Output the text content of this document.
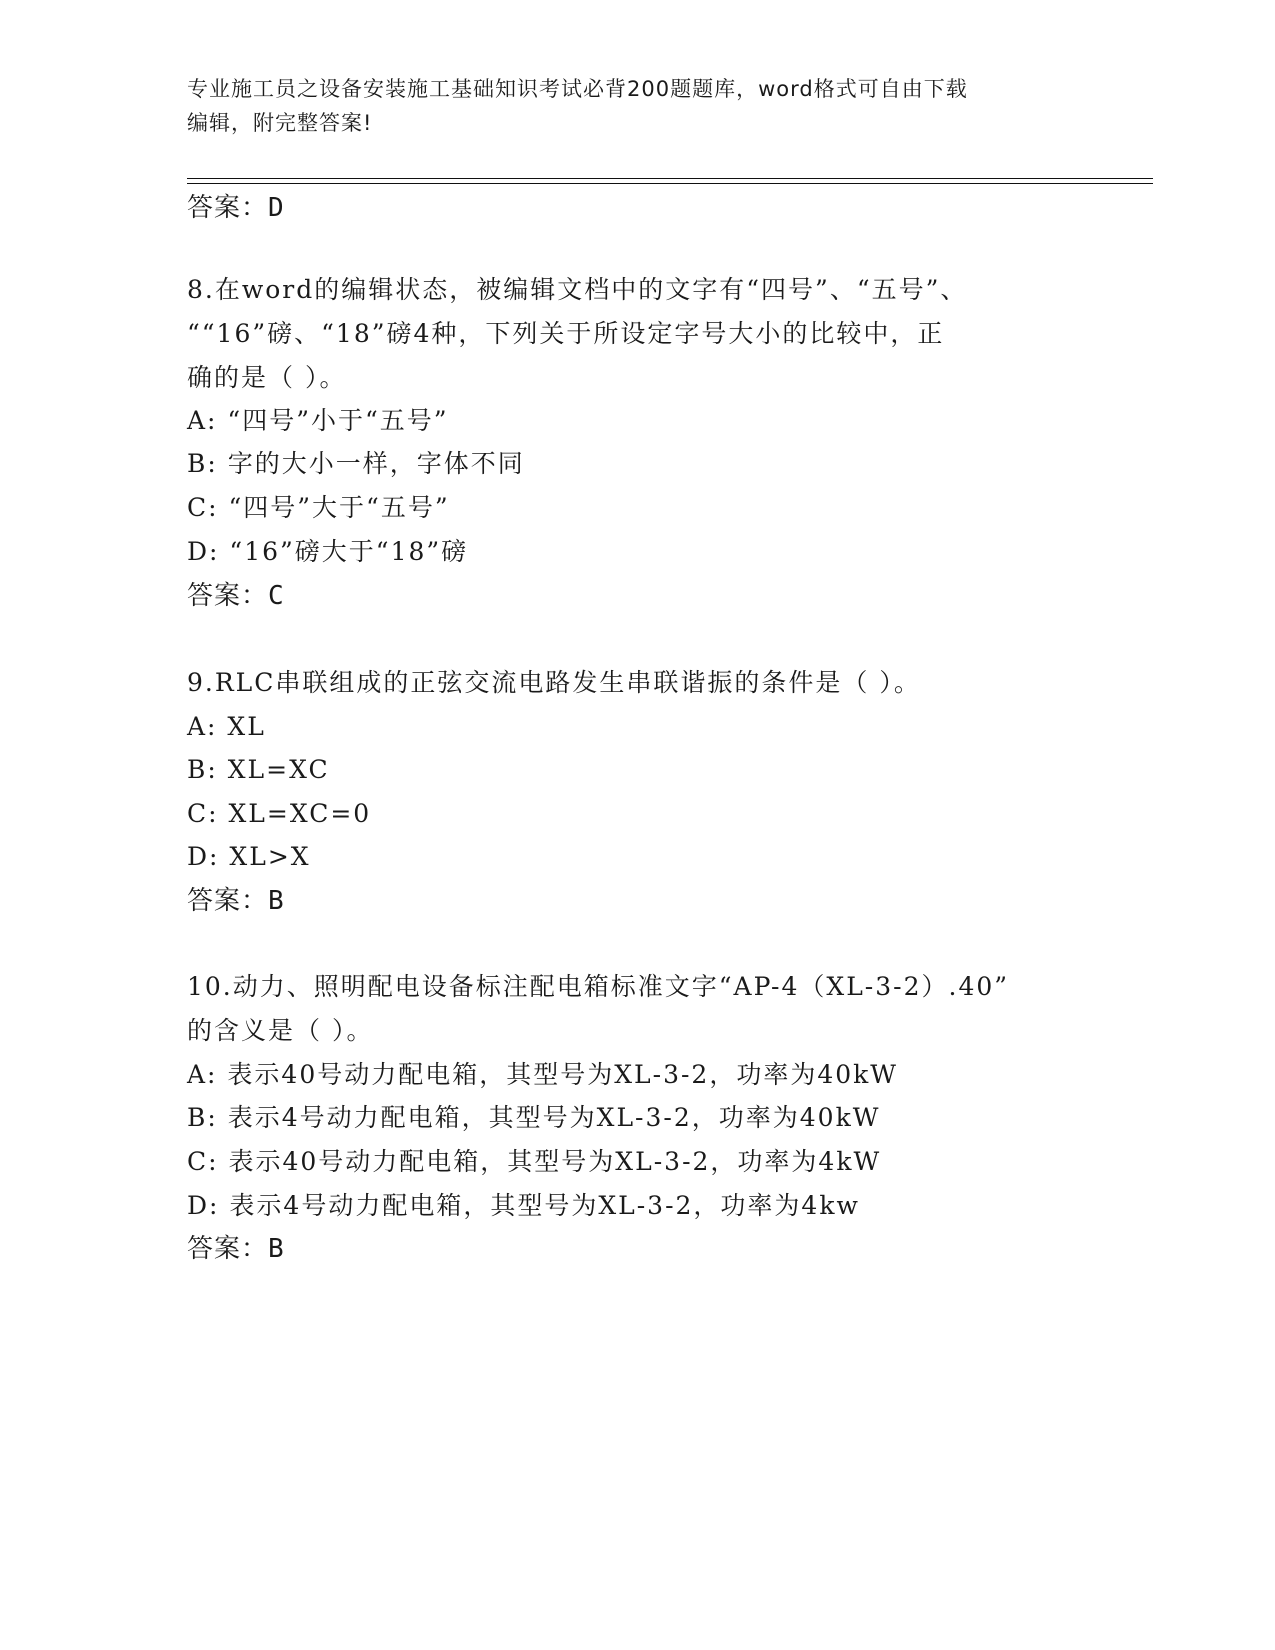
专业施工员之设备安装施工基础知识考试必背200题题库，word格式可自由下载
编辑，附完整答案!
答案：D
8.在word的编辑状态，被编辑文档中的文字有“四号”、“五号”、
““16”磅、“18”磅4种，下列关于所设定字号大小的比较中，正
确的是（ ）。
A: “四号”小于“五号”
B: 字的大小一样，字体不同
C: “四号”大于“五号”
D: “16”磅大于“18”磅
答案：C
9.RLC串联组成的正弦交流电路发生串联谐振的条件是（ ）。
A: XL
B: XL=XC
C: XL=XC=0
D: XL>X
答案：B
10.动力、照明配电设备标注配电箱标准文字“AP-4（XL-3-2）.40”
的含义是（ ）。
A: 表示40号动力配电箱，其型号为XL-3-2，功率为40kW
B: 表示4号动力配电箱，其型号为XL-3-2，功率为40kW
C: 表示40号动力配电箱，其型号为XL-3-2，功率为4kW
D: 表示4号动力配电箱，其型号为XL-3-2，功率为4kw
答案：B
